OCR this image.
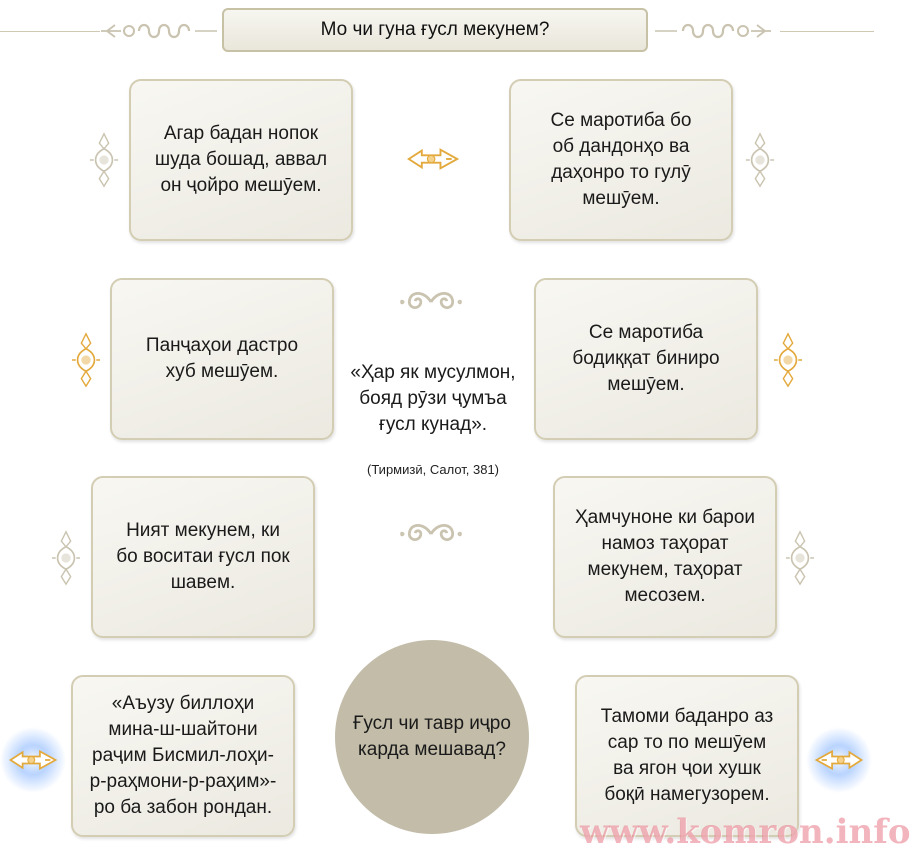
Мо чи гуна ғусл мекунем?
Агар бадан нопок
шуда бошад, аввал
он ҷойро мешӯем.
Се маротиба бо
об дандонҳо ва
даҳонро то гулӯ
мешӯем.
Панҷаҳои дастро
хуб мешӯем.
Се маротиба
бодиққат биниро
мешӯем.
Ният мекунем, ки
бо воситаи ғусл пок
шавем.
Ҳамчуноне ки барои
намоз таҳорат
мекунем, таҳорат
месозем.
«Аъузу биллоҳи
мина-ш-шайтони
раҷим Бисмил-лоҳи-
р-раҳмони-р-раҳим»-
ро ба забон рондан.
Тамоми баданро аз
сар то по мешӯем
ва ягон ҷои хушк
боқӣ намегузорем.
«Ҳар як мусулмон,
бояд рӯзи ҷумъа
ғусл кунад».
(Тирмизӣ, Салот, 381)
Ғусл чи тавр иҷро
карда мешавад?
www.komron.info
